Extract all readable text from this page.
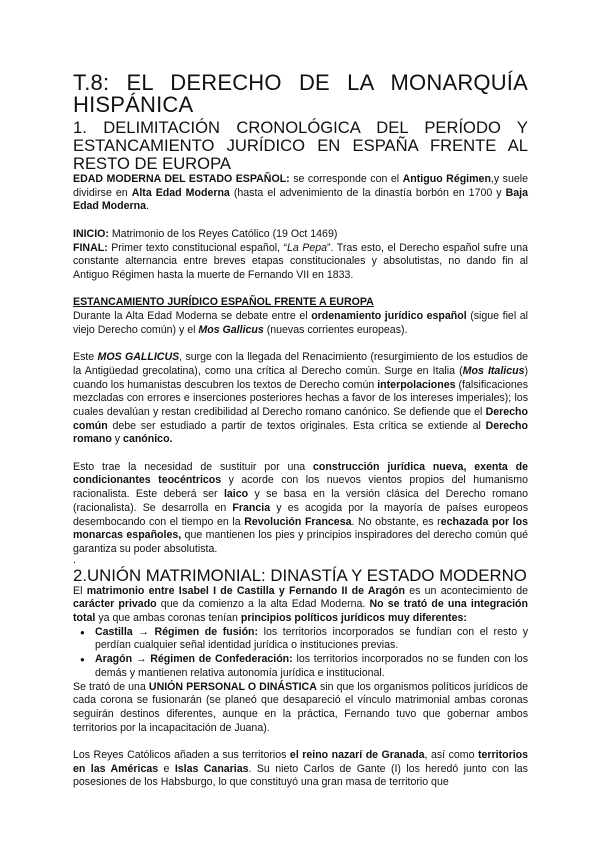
T.8: EL DERECHO DE LA MONARQUÍA
HISPÁNICA
1. DELIMITACIÓN CRONOLÓGICA DEL PERÍODO Y
ESTANCAMIENTO JURÍDICO EN ESPAÑA FRENTE AL
RESTO DE EUROPA

EDAD MODERNA DEL ESTADO ESPAÑOL: se corresponde con el Antiguo Régimen,y suele dividirse en Alta Edad Moderna (hasta el advenimiento de la dinastía borbón en 1700 y Baja Edad Moderna.

INICIO: Matrimonio de los Reyes Católico (19 Oct 1469)

FINAL: Primer texto constitucional español, “La Pepa”. Tras esto, el Derecho español sufre una constante alternancia entre breves etapas constitucionales y absolutistas, no dando fin al Antiguo Régimen hasta la muerte de Fernando VII en 1833.

ESTANCAMIENTO JURÍDICO ESPAÑOL FRENTE A EUROPA

Durante la Alta Edad Moderna se debate entre el ordenamiento jurídico español (sigue fiel al viejo Derecho común) y el Mos Gallicus (nuevas corrientes europeas).

Este MOS GALLICUS, surge con la llegada del Renacimiento (resurgimiento de los estudios de la Antigüedad grecolatina), como una crítica al Derecho común. Surge en Italia (Mos Italicus) cuando los humanistas descubren los textos de Derecho común interpolaciones (falsificaciones mezcladas con errores e inserciones posteriores hechas a favor de los intereses imperiales); los cuales devalúan y restan credibilidad al Derecho romano canónico. Se defiende que el Derecho común debe ser estudiado a partir de textos originales. Esta crítica se extiende al Derecho romano y canónico.

Esto trae la necesidad de sustituir por una construcción jurídica nueva, exenta de condicionantes teocéntricos y acorde con los nuevos vientos propios del humanismo racionalista. Este deberá ser laico y se basa en la versión clásica del Derecho romano (racionalista). Se desarrolla en Francia y es acogida por la mayoría de países europeos desembocando con el tiempo en la Revolución Francesa. No obstante, es rechazada por los monarcas españoles, que mantienen los pies y principios inspiradores del derecho común qué garantiza su poder absolutista.

.
2.UNIÓN MATRIMONIAL: DINASTÍA Y ESTADO MODERNO

El matrimonio entre Isabel I de Castilla y Fernando II de Aragón es un acontecimiento de carácter privado que da comienzo a la alta Edad Moderna. No se trató de una integración total ya que ambas coronas tenían principios políticos jurídicos muy diferentes:

● Castilla → Régimen de fusión: los territorios incorporados se fundían con el resto y perdían cualquier señal identidad jurídica o instituciones previas.
● Aragón → Régimen de Confederación: los territorios incorporados no se funden con los demás y mantienen relativa autonomía jurídica e institucional.

Se trató de una UNIÓN PERSONAL O DINÁSTICA sin que los organismos políticos jurídicos de cada corona se fusionarán (se planeó que desapareció el vínculo matrimonial ambas coronas seguirán destinos diferentes, aunque en la práctica, Fernando tuvo que gobernar ambos territorios por la incapacitación de Juana).

Los Reyes Católicos añaden a sus territorios el reino nazarí de Granada, así como territorios en las Américas e Islas Canarias. Su nieto Carlos de Gante (I) los heredó junto con las posesiones de los Habsburgo, lo que constituyó una gran masa de territorio que
